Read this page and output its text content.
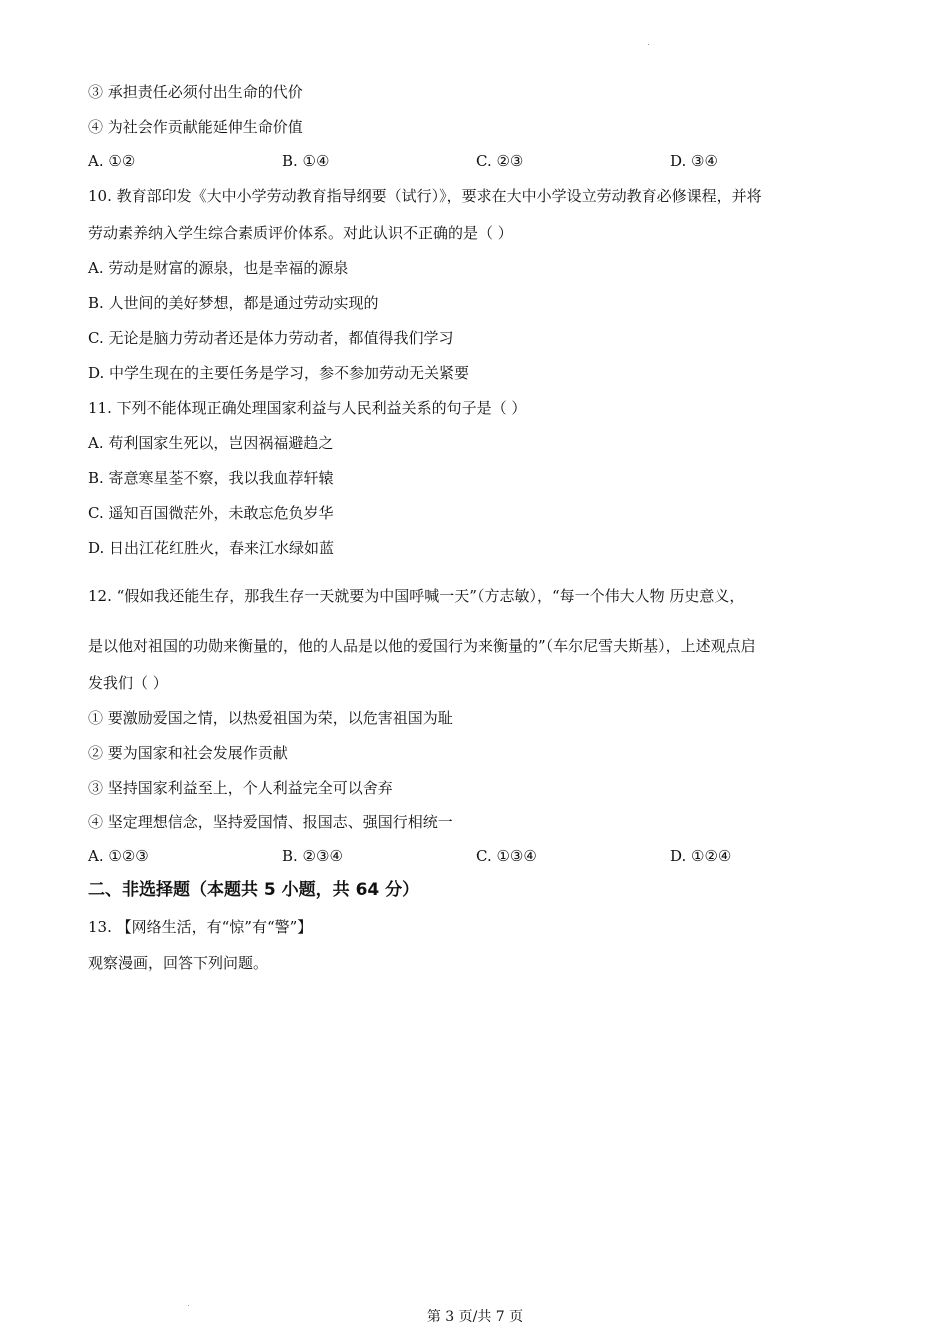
③ 承担责任必须付出生命的代价
④ 为社会作贡献能延伸生命价值
A. ①②	B. ①④	C. ②③	D. ③④
10. 教育部印发《大中小学劳动教育指导纲要（试行）》，要求在大中小学设立劳动教育必修课程，并将
劳动素养纳入学生综合素质评价体系。对此认识不正确的是（ ）
A. 劳动是财富的源泉，也是幸福的源泉
B. 人世间的美好梦想，都是通过劳动实现的
C. 无论是脑力劳动者还是体力劳动者，都值得我们学习
D. 中学生现在的主要任务是学习，参不参加劳动无关紧要
11. 下列不能体现正确处理国家利益与人民利益关系的句子是（ ）
A. 苟利国家生死以，岂因祸福避趋之
B. 寄意寒星荃不察，我以我血荐轩辕
C. 遥知百国微茫外，未敢忘危负岁华
D. 日出江花红胜火，春来江水绿如蓝
12. “假如我还能生存，那我生存一天就要为中国呼喊一天”（方志敏），“每一个伟大人物 历史意义，
是以他对祖国的功勋来衡量的，他的人品是以他的爱国行为来衡量的”（车尔尼雪夫斯基），上述观点启
发我们（ ）
① 要激励爱国之情，以热爱祖国为荣，以危害祖国为耻
② 要为国家和社会发展作贡献
③ 坚持国家利益至上，个人利益完全可以舍弃
④ 坚定理想信念，坚持爱国情、报国志、强国行相统一
A. ①②③	B. ②③④	C. ①③④	D. ①②④
二、非选择题（本题共 5 小题，共 64 分）
13. 【网络生活，有“惊”有“警”】
观察漫画，回答下列问题。
第 3 页/共 7 页
